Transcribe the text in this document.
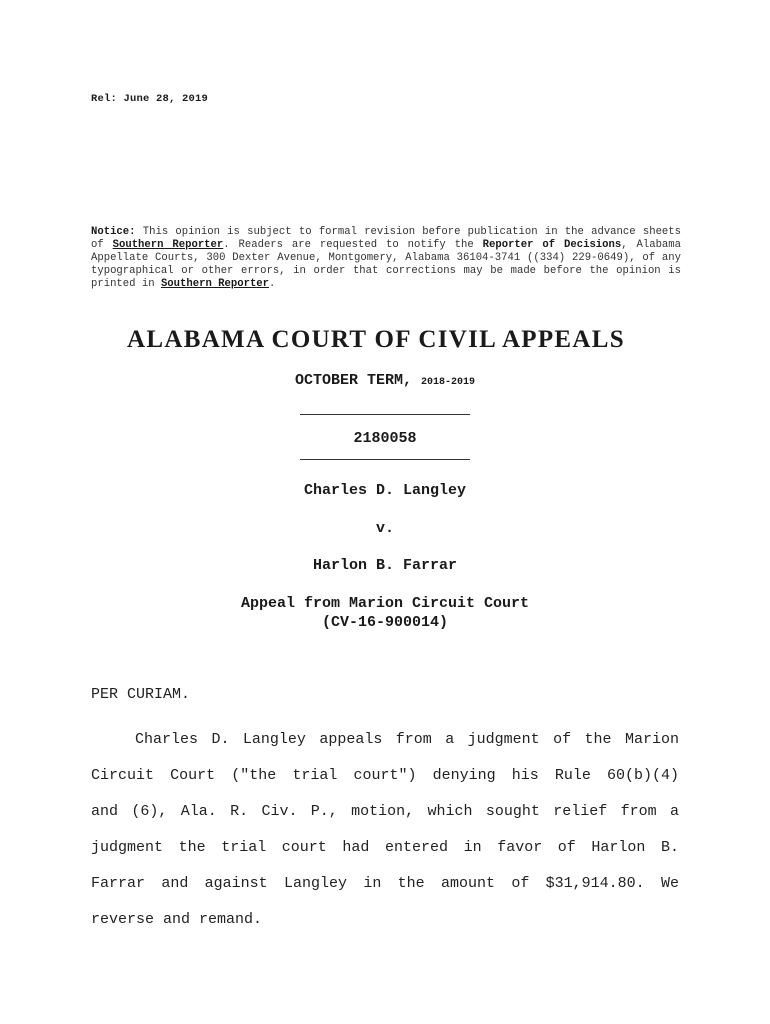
Rel: June 28, 2019
Notice: This opinion is subject to formal revision before publication in the advance sheets of Southern Reporter. Readers are requested to notify the Reporter of Decisions, Alabama Appellate Courts, 300 Dexter Avenue, Montgomery, Alabama 36104-3741 ((334) 229-0649), of any typographical or other errors, in order that corrections may be made before the opinion is printed in Southern Reporter.
ALABAMA COURT OF CIVIL APPEALS
OCTOBER TERM, 2018-2019
2180058
Charles D. Langley
v.
Harlon B. Farrar
Appeal from Marion Circuit Court
(CV-16-900014)
PER CURIAM.
Charles D. Langley appeals from a judgment of the Marion
Circuit Court ("the trial court") denying his Rule 60(b)(4)
and (6), Ala. R. Civ. P., motion, which sought relief from a
judgment the trial court had entered in favor of Harlon B.
Farrar and against Langley in the amount of $31,914.80. We
reverse and remand.
